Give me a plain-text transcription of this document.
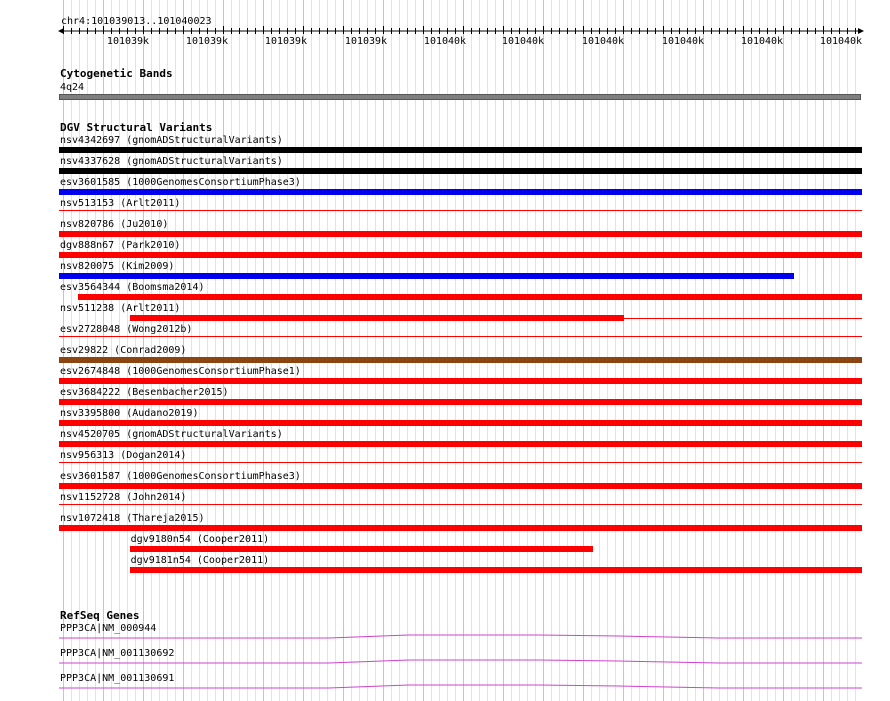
chr4:101039013..101040023
101039k	101039k	101039k	101039k	101040k	101040k	101040k	101040k	101040k	101040k
Cytogenetic Bands
4q24
DGV Structural Variants
nsv4342697 (gnomADStructuralVariants)
nsv4337628 (gnomADStructuralVariants)
esv3601585 (1000GenomesConsortiumPhase3)
nsv513153 (Arlt2011)
nsv820786 (Ju2010)
dgv888n67 (Park2010)
nsv820075 (Kim2009)
esv3564344 (Boomsma2014)
nsv511238 (Arlt2011)
esv2728048 (Wong2012b)
esv29822 (Conrad2009)
esv2674848 (1000GenomesConsortiumPhase1)
esv3684222 (Besenbacher2015)
nsv3395800 (Audano2019)
nsv4520705 (gnomADStructuralVariants)
nsv956313 (Dogan2014)
esv3601587 (1000GenomesConsortiumPhase3)
nsv1152728 (John2014)
nsv1072418 (Thareja2015)
dgv9180n54 (Cooper2011)
dgv9181n54 (Cooper2011)
RefSeq Genes
PPP3CA|NM_000944
PPP3CA|NM_001130692
PPP3CA|NM_001130691
